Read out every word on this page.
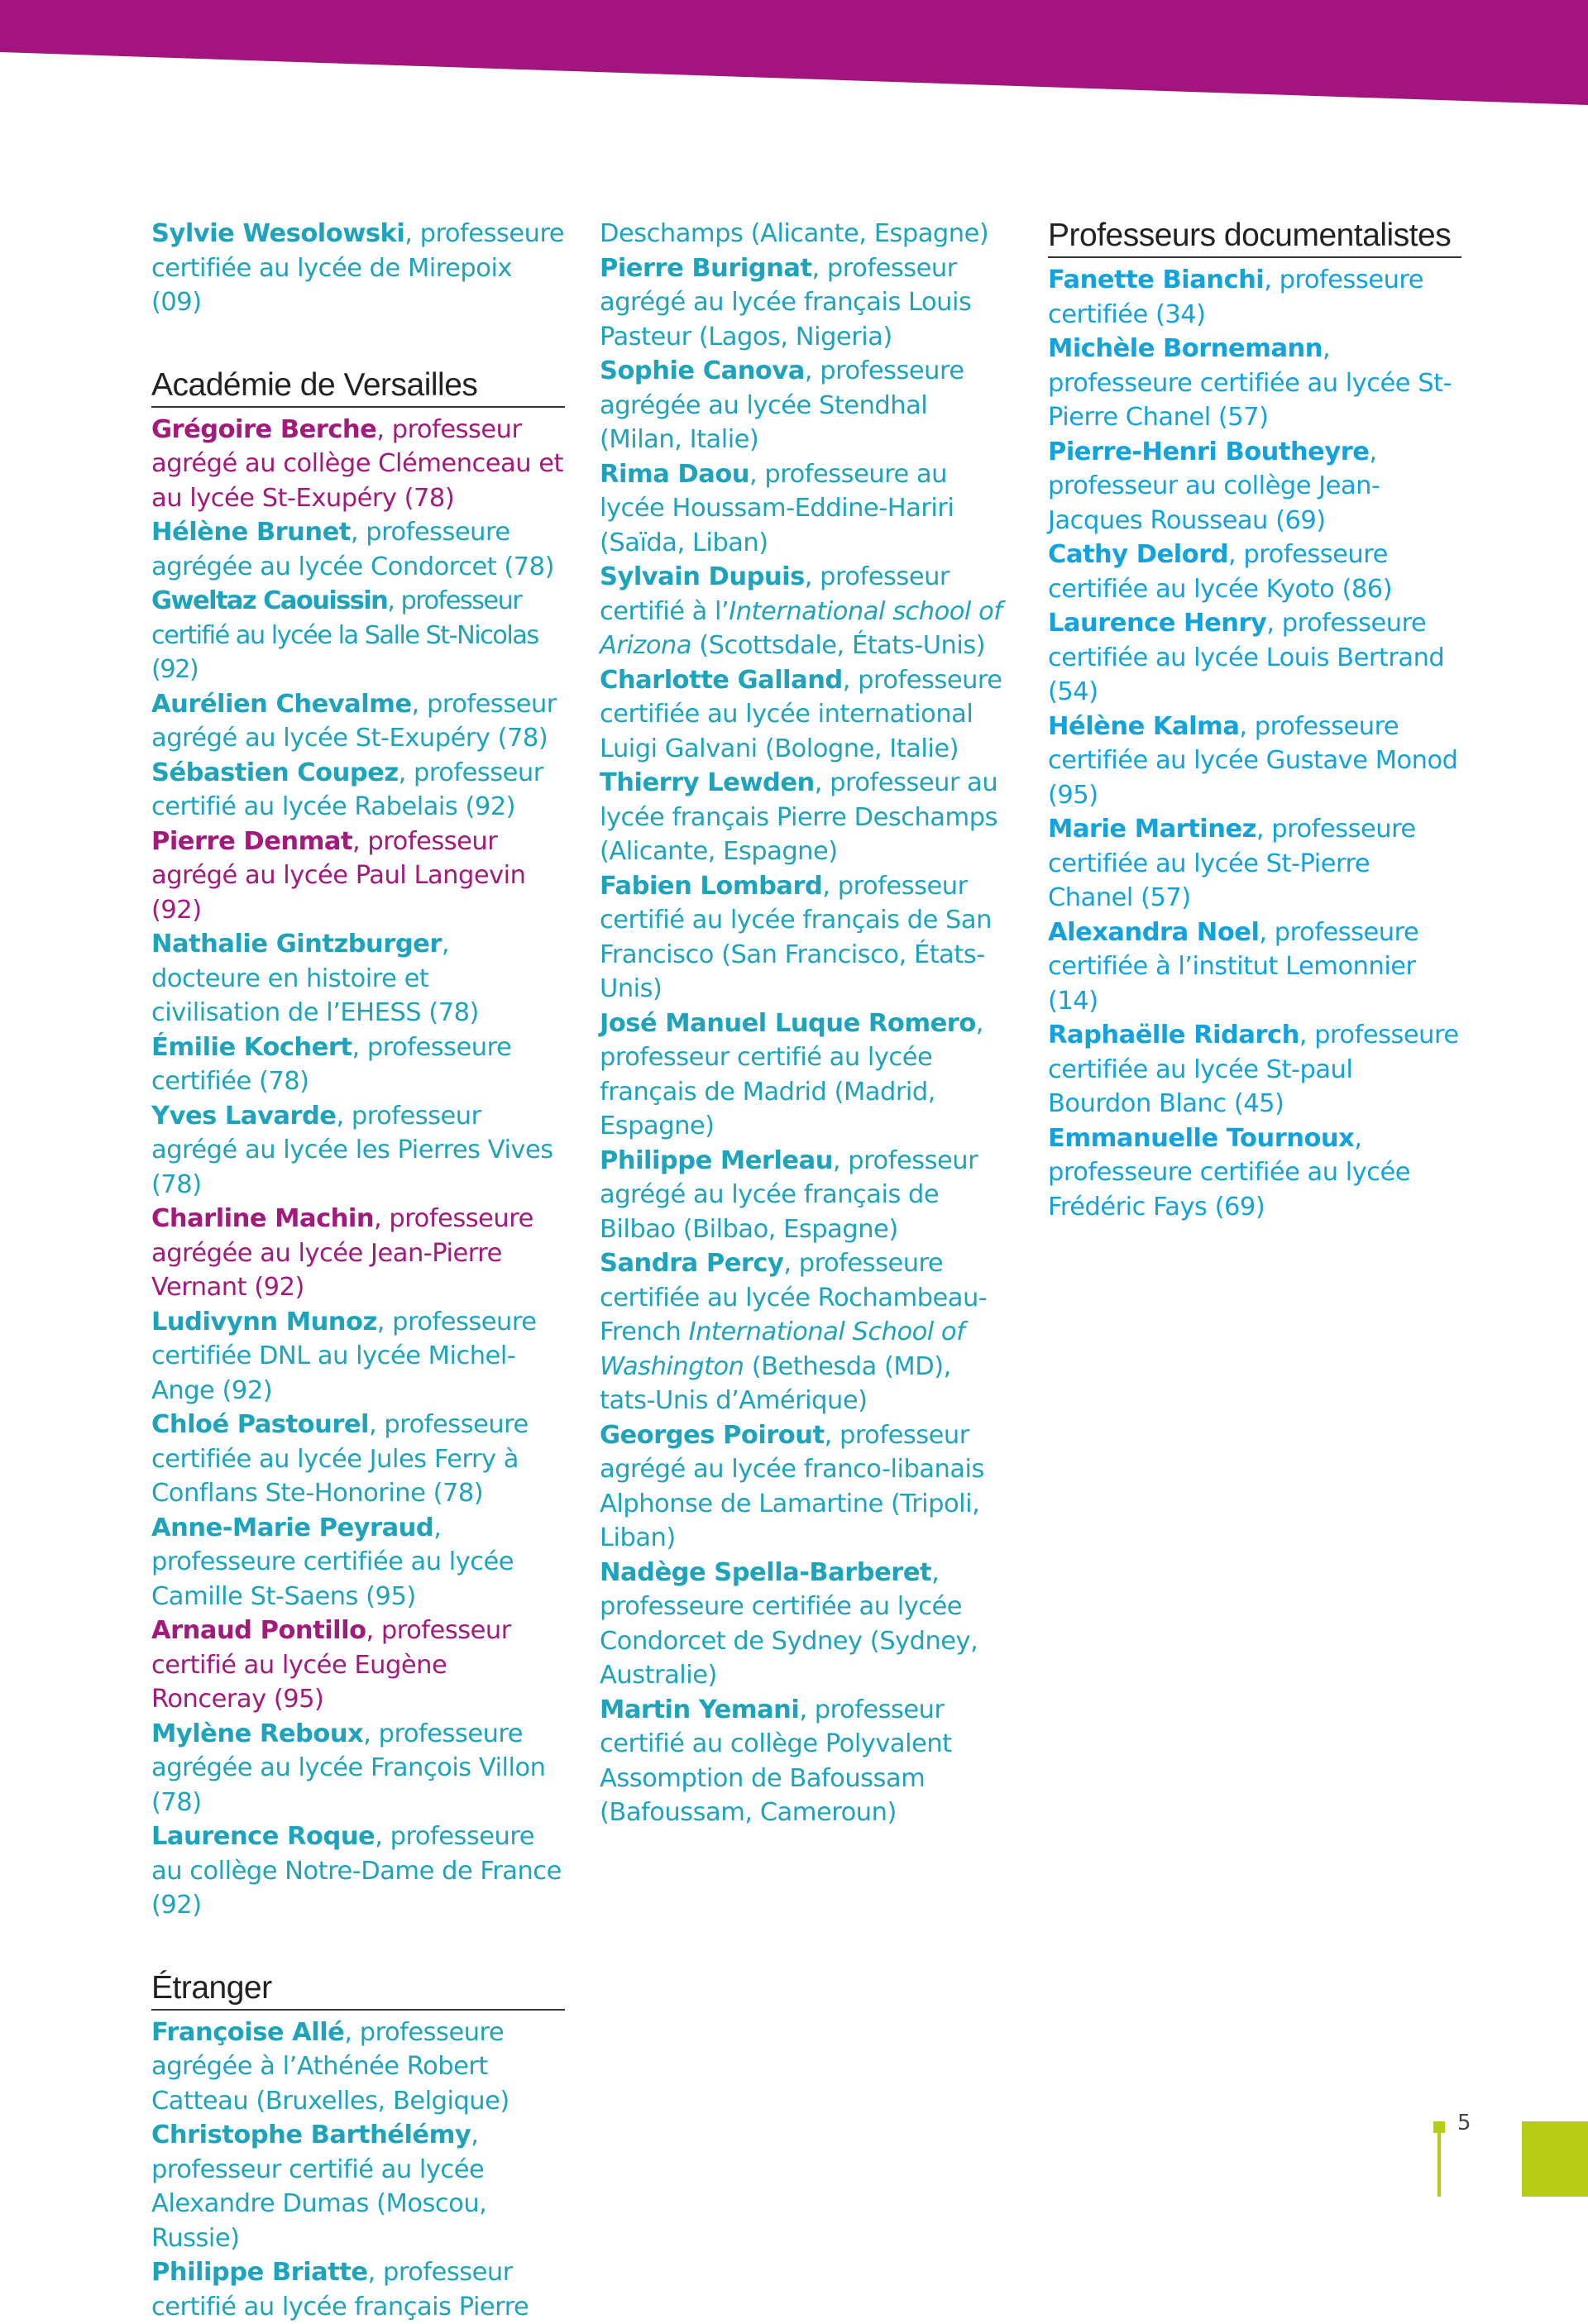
Sylvie Wesolowski, professeure certifiée au lycée de Mirepoix (09)

Académie de Versailles

Grégoire Berche, professeur agrégé au collège Clémenceau et au lycée St-Exupéry (78)

Hélène Brunet, professeure agrégée au lycée Condorcet (78)

Gweltaz Caouissin, professeur certifié au lycée la Salle St-Nicolas (92)

Aurélien Chevalme, professeur agrégé au lycée St-Exupéry (78)

Sébastien Coupez, professeur certifié au lycée Rabelais (92)

Pierre Denmat, professeur agrégé au lycée Paul Langevin (92)

Nathalie Gintzburger, docteure en histoire et civilisation de l’EHESS (78)

Émilie Kochert, professeure certifiée (78)

Yves Lavarde, professeur agrégé au lycée les Pierres Vives (78)

Charline Machin, professeure agrégée au lycée Jean-Pierre Vernant (92)

Ludivynn Munoz, professeure certifiée DNL au lycée Michel-Ange (92)

Chloé Pastourel, professeure certifiée au lycée Jules Ferry à Conflans Ste-Honorine (78)

Anne-Marie Peyraud, professeure certifiée au lycée Camille St-Saens (95)

Arnaud Pontillo, professeur certifié au lycée Eugène Ronceray (95)

Mylène Reboux, professeure agrégée au lycée François Villon (78)

Laurence Roque, professeure au collège Notre-Dame de France (92)

Étranger

Françoise Allé, professeure agrégée à l’Athénée Robert Catteau (Bruxelles, Belgique)

Christophe Barthélémy, professeur certifié au lycée Alexandre Dumas (Moscou, Russie)

Philippe Briatte, professeur certifié au lycée français Pierre

Deschamps (Alicante, Espagne)

Pierre Burignat, professeur agrégé au lycée français Louis Pasteur (Lagos, Nigeria)

Sophie Canova, professeure agrégée au lycée Stendhal (Milan, Italie)

Rima Daou, professeure au lycée Houssam-Eddine-Hariri (Saïda, Liban)

Sylvain Dupuis, professeur certifié à l’International school of Arizona (Scottsdale, États-Unis)

Charlotte Galland, professeure certifiée au lycée international Luigi Galvani (Bologne, Italie)

Thierry Lewden, professeur au lycée français Pierre Deschamps (Alicante, Espagne)

Fabien Lombard, professeur certifié au lycée français de San Francisco (San Francisco, États-Unis)

José Manuel Luque Romero, professeur certifié au lycée français de Madrid (Madrid, Espagne)

Philippe Merleau, professeur agrégé au lycée français de Bilbao (Bilbao, Espagne)

Sandra Percy, professeure certifiée au lycée Rochambeau-French International School of Washington (Bethesda (MD), tats-Unis d’Amérique)

Georges Poirout, professeur agrégé au lycée franco-libanais Alphonse de Lamartine (Tripoli, Liban)

Nadège Spella-Barberet, professeure certifiée au lycée Condorcet de Sydney (Sydney, Australie)

Martin Yemani, professeur certifié au collège Polyvalent Assomption de Bafoussam (Bafoussam, Cameroun)

Professeurs documentalistes

Fanette Bianchi, professeure certifiée (34)

Michèle Bornemann, professeure certifiée au lycée St-Pierre Chanel (57)

Pierre-Henri Boutheyre, professeur au collège Jean-Jacques Rousseau (69)

Cathy Delord, professeure certifiée au lycée Kyoto (86)

Laurence Henry, professeure certifiée au lycée Louis Bertrand (54)

Hélène Kalma, professeure certifiée au lycée Gustave Monod (95)

Marie Martinez, professeure certifiée au lycée St-Pierre Chanel (57)

Alexandra Noel, professeure certifiée à l’institut Lemonnier (14)

Raphaëlle Ridarch, professeure certifiée au lycée St-paul Bourdon Blanc (45)

Emmanuelle Tournoux, professeure certifiée au lycée Frédéric Fays (69)

5
